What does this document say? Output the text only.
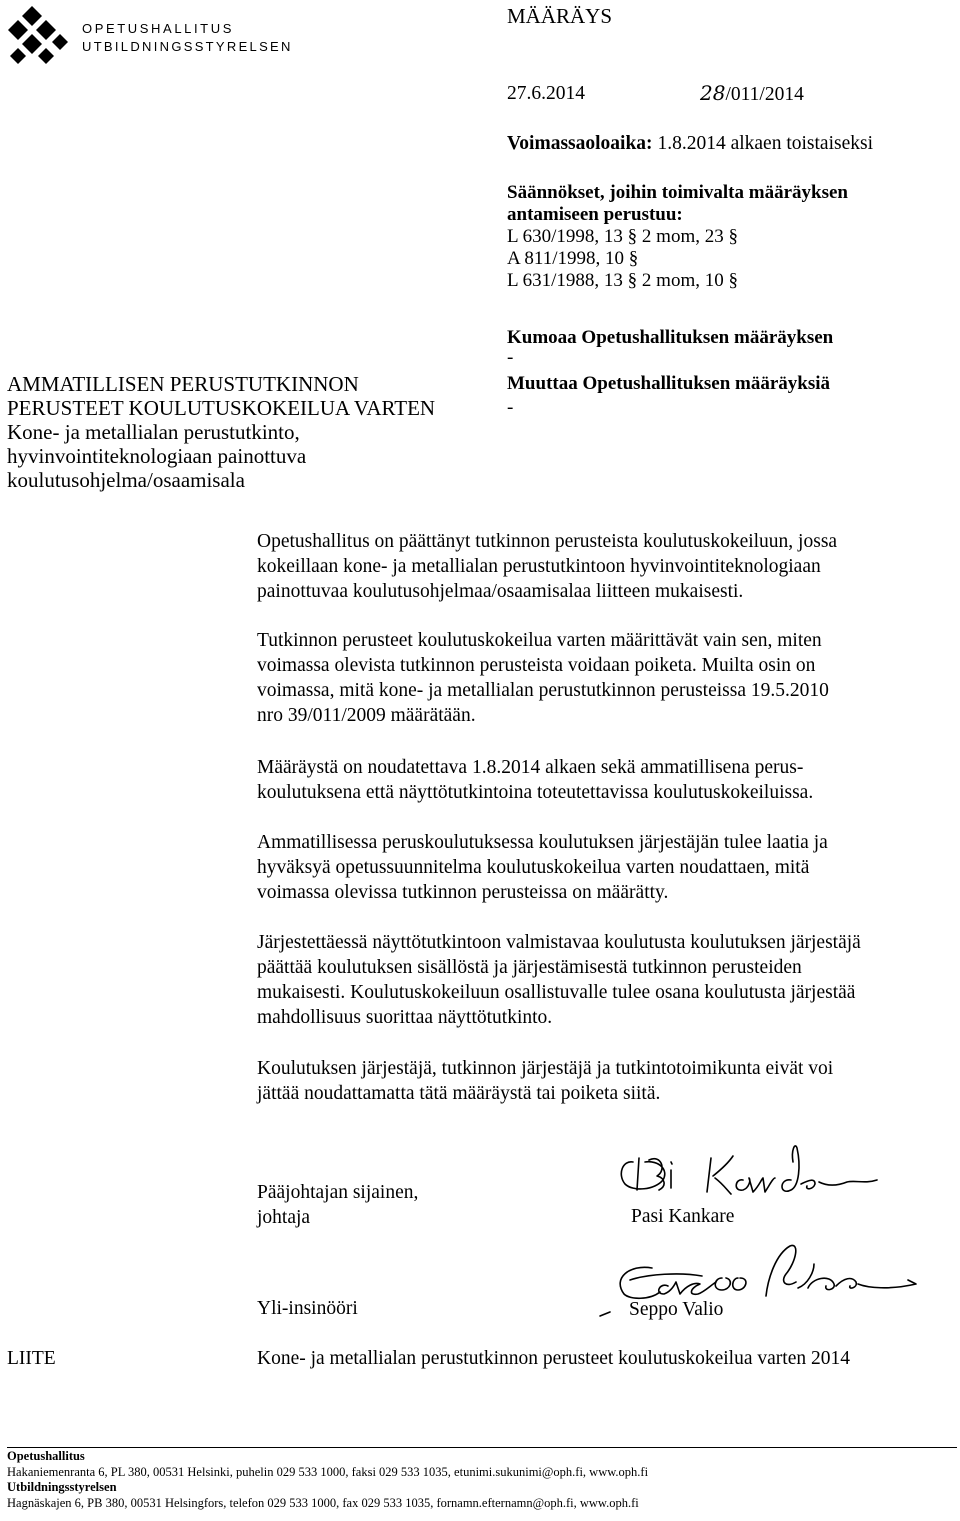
OPETUSHALLITUS
UTBILDNINGSSTYRELSEN
MÄÄRÄYS
27.6.2014	28/011/2014
Voimassaoloaika: 1.8.2014 alkaen toistaiseksi
Säännökset, joihin toimivalta määräyksen
antamiseen perustuu:
L 630/1998, 13 § 2 mom, 23 §
A 811/1998, 10 §
L 631/1988, 13 § 2 mom, 10 §
Kumoaa Opetushallituksen määräyksen
-
Muuttaa Opetushallituksen määräyksiä
-
AMMATILLISEN PERUSTUTKINNON
PERUSTEET KOULUTUSKOKEILUA VARTEN
Kone- ja metallialan perustutkinto,
hyvinvointiteknologiaan painottuva
koulutusohjelma/osaamisala
Opetushallitus on päättänyt tutkinnon perusteista koulutuskokeiluun, jossa
kokeillaan kone- ja metallialan perustutkintoon hyvinvointiteknologiaan
painottuvaa koulutusohjelmaa/osaamisalaa liitteen mukaisesti.
Tutkinnon perusteet koulutuskokeilua varten määrittävät vain sen, miten
voimassa olevista tutkinnon perusteista voidaan poiketa. Muilta osin on
voimassa, mitä kone- ja metallialan perustutkinnon perusteissa 19.5.2010
nro 39/011/2009 määrätään.
Määräystä on noudatettava 1.8.2014 alkaen sekä ammatillisena perus-
koulutuksena että näyttötutkintoina toteutettavissa koulutuskokeiluissa.
Ammatillisessa peruskoulutuksessa koulutuksen järjestäjän tulee laatia ja
hyväksyä opetussuunnitelma koulutuskokeilua varten noudattaen, mitä
voimassa olevissa tutkinnon perusteissa on määrätty.
Järjestettäessä näyttötutkintoon valmistavaa koulutusta koulutuksen järjestäjä
päättää koulutuksen sisällöstä ja järjestämisestä tutkinnon perusteiden
mukaisesti. Koulutuskokeiluun osallistuvalle tulee osana koulutusta järjestää
mahdollisuus suorittaa näyttötutkinto.
Koulutuksen järjestäjä, tutkinnon järjestäjä ja tutkintotoimikunta eivät voi
jättää noudattamatta tätä määräystä tai poiketa siitä.
Pääjohtajan sijainen,
johtaja	Pasi Kankare
Yli-insinööri	Seppo Valio
LIITE	Kone- ja metallialan perustutkinnon perusteet koulutuskokeilua varten 2014
Opetushallitus
Hakaniemenranta 6, PL 380, 00531 Helsinki, puhelin 029 533 1000, faksi 029 533 1035, etunimi.sukunimi@oph.fi, www.oph.fi
Utbildningsstyrelsen
Hagnäskajen 6, PB 380, 00531 Helsingfors, telefon 029 533 1000, fax 029 533 1035, fornamn.efternamn@oph.fi, www.oph.fi
